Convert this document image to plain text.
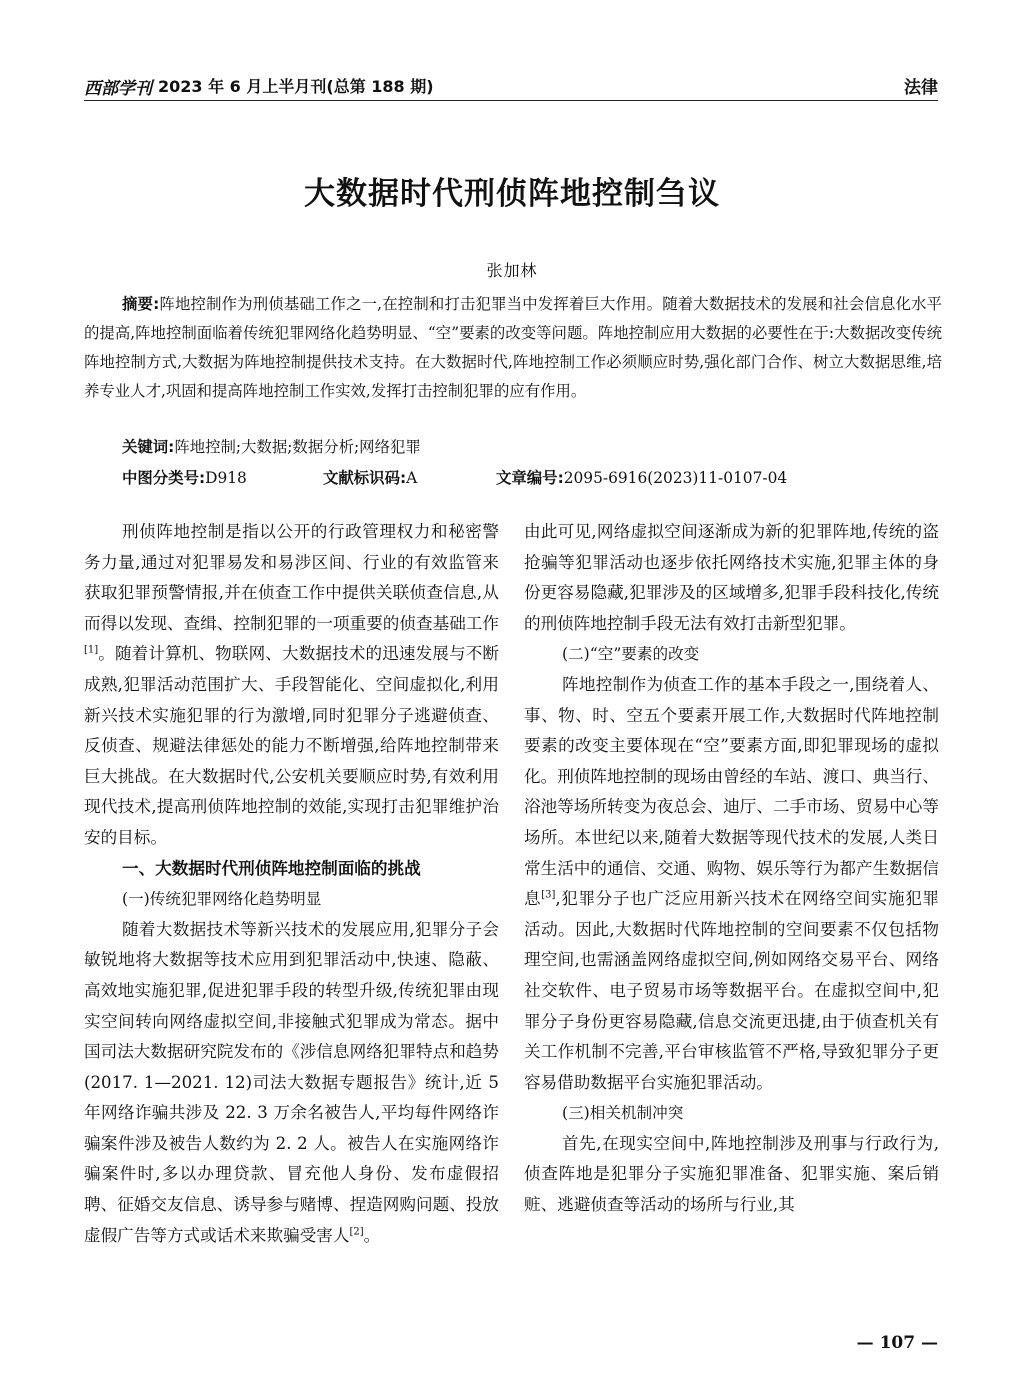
西部学刊 2023 年 6 月上半月刊(总第 188 期)	法律
大数据时代刑侦阵地控制刍议
张加林
摘要:阵地控制作为刑侦基础工作之一,在控制和打击犯罪当中发挥着巨大作用。随着大数据技术的发展和社会信息化水平的提高,阵地控制面临着传统犯罪网络化趋势明显、“空”要素的改变等问题。阵地控制应用大数据的必要性在于:大数据改变传统阵地控制方式,大数据为阵地控制提供技术支持。在大数据时代,阵地控制工作必须顺应时势,强化部门合作、树立大数据思维,培养专业人才,巩固和提高阵地控制工作实效,发挥打击控制犯罪的应有作用。
关键词:阵地控制;大数据;数据分析;网络犯罪
中图分类号:D918	文献标识码:A	文章编号:2095-6916(2023)11-0107-04

刑侦阵地控制是指以公开的行政管理权力和秘密警务力量,通过对犯罪易发和易涉区间、行业的有效监管来获取犯罪预警情报,并在侦查工作中提供关联侦查信息,从而得以发现、查缉、控制犯罪的一项重要的侦查基础工作[1]。随着计算机、物联网、大数据技术的迅速发展与不断成熟,犯罪活动范围扩大、手段智能化、空间虚拟化,利用新兴技术实施犯罪的行为激增,同时犯罪分子逃避侦查、反侦查、规避法律惩处的能力不断增强,给阵地控制带来巨大挑战。在大数据时代,公安机关要顺应时势,有效利用现代技术,提高刑侦阵地控制的效能,实现打击犯罪维护治安的目标。

一、大数据时代刑侦阵地控制面临的挑战
(一)传统犯罪网络化趋势明显

随着大数据技术等新兴技术的发展应用,犯罪分子会敏锐地将大数据等技术应用到犯罪活动中,快速、隐蔽、高效地实施犯罪,促进犯罪手段的转型升级,传统犯罪由现实空间转向网络虚拟空间,非接触式犯罪成为常态。据中国司法大数据研究院发布的《涉信息网络犯罪特点和趋势(2017. 1—2021. 12)司法大数据专题报告》统计,近 5 年网络诈骗共涉及 22. 3 万余名被告人,平均每件网络诈骗案件涉及被告人数约为 2. 2 人。被告人在实施网络诈骗案件时,多以办理贷款、冒充他人身份、发布虚假招聘、征婚交友信息、诱导参与赌博、捏造网购问题、投放虚假广告等方式或话术来欺骗受害人[2]。

由此可见,网络虚拟空间逐渐成为新的犯罪阵地,传统的盗抢骗等犯罪活动也逐步依托网络技术实施,犯罪主体的身份更容易隐藏,犯罪涉及的区域增多,犯罪手段科技化,传统的刑侦阵地控制手段无法有效打击新型犯罪。

(二)“空”要素的改变

阵地控制作为侦查工作的基本手段之一,围绕着人、事、物、时、空五个要素开展工作,大数据时代阵地控制要素的改变主要体现在“空”要素方面,即犯罪现场的虚拟化。刑侦阵地控制的现场由曾经的车站、渡口、典当行、浴池等场所转变为夜总会、迪厅、二手市场、贸易中心等场所。本世纪以来,随着大数据等现代技术的发展,人类日常生活中的通信、交通、购物、娱乐等行为都产生数据信息[3],犯罪分子也广泛应用新兴技术在网络空间实施犯罪活动。因此,大数据时代阵地控制的空间要素不仅包括物理空间,也需涵盖网络虚拟空间,例如网络交易平台、网络社交软件、电子贸易市场等数据平台。在虚拟空间中,犯罪分子身份更容易隐藏,信息交流更迅捷,由于侦查机关有关工作机制不完善,平台审核监管不严格,导致犯罪分子更容易借助数据平台实施犯罪活动。

(三)相关机制冲突

首先,在现实空间中,阵地控制涉及刑事与行政行为,侦查阵地是犯罪分子实施犯罪准备、犯罪实施、案后销赃、逃避侦查等活动的场所与行业,其

— 107 —
